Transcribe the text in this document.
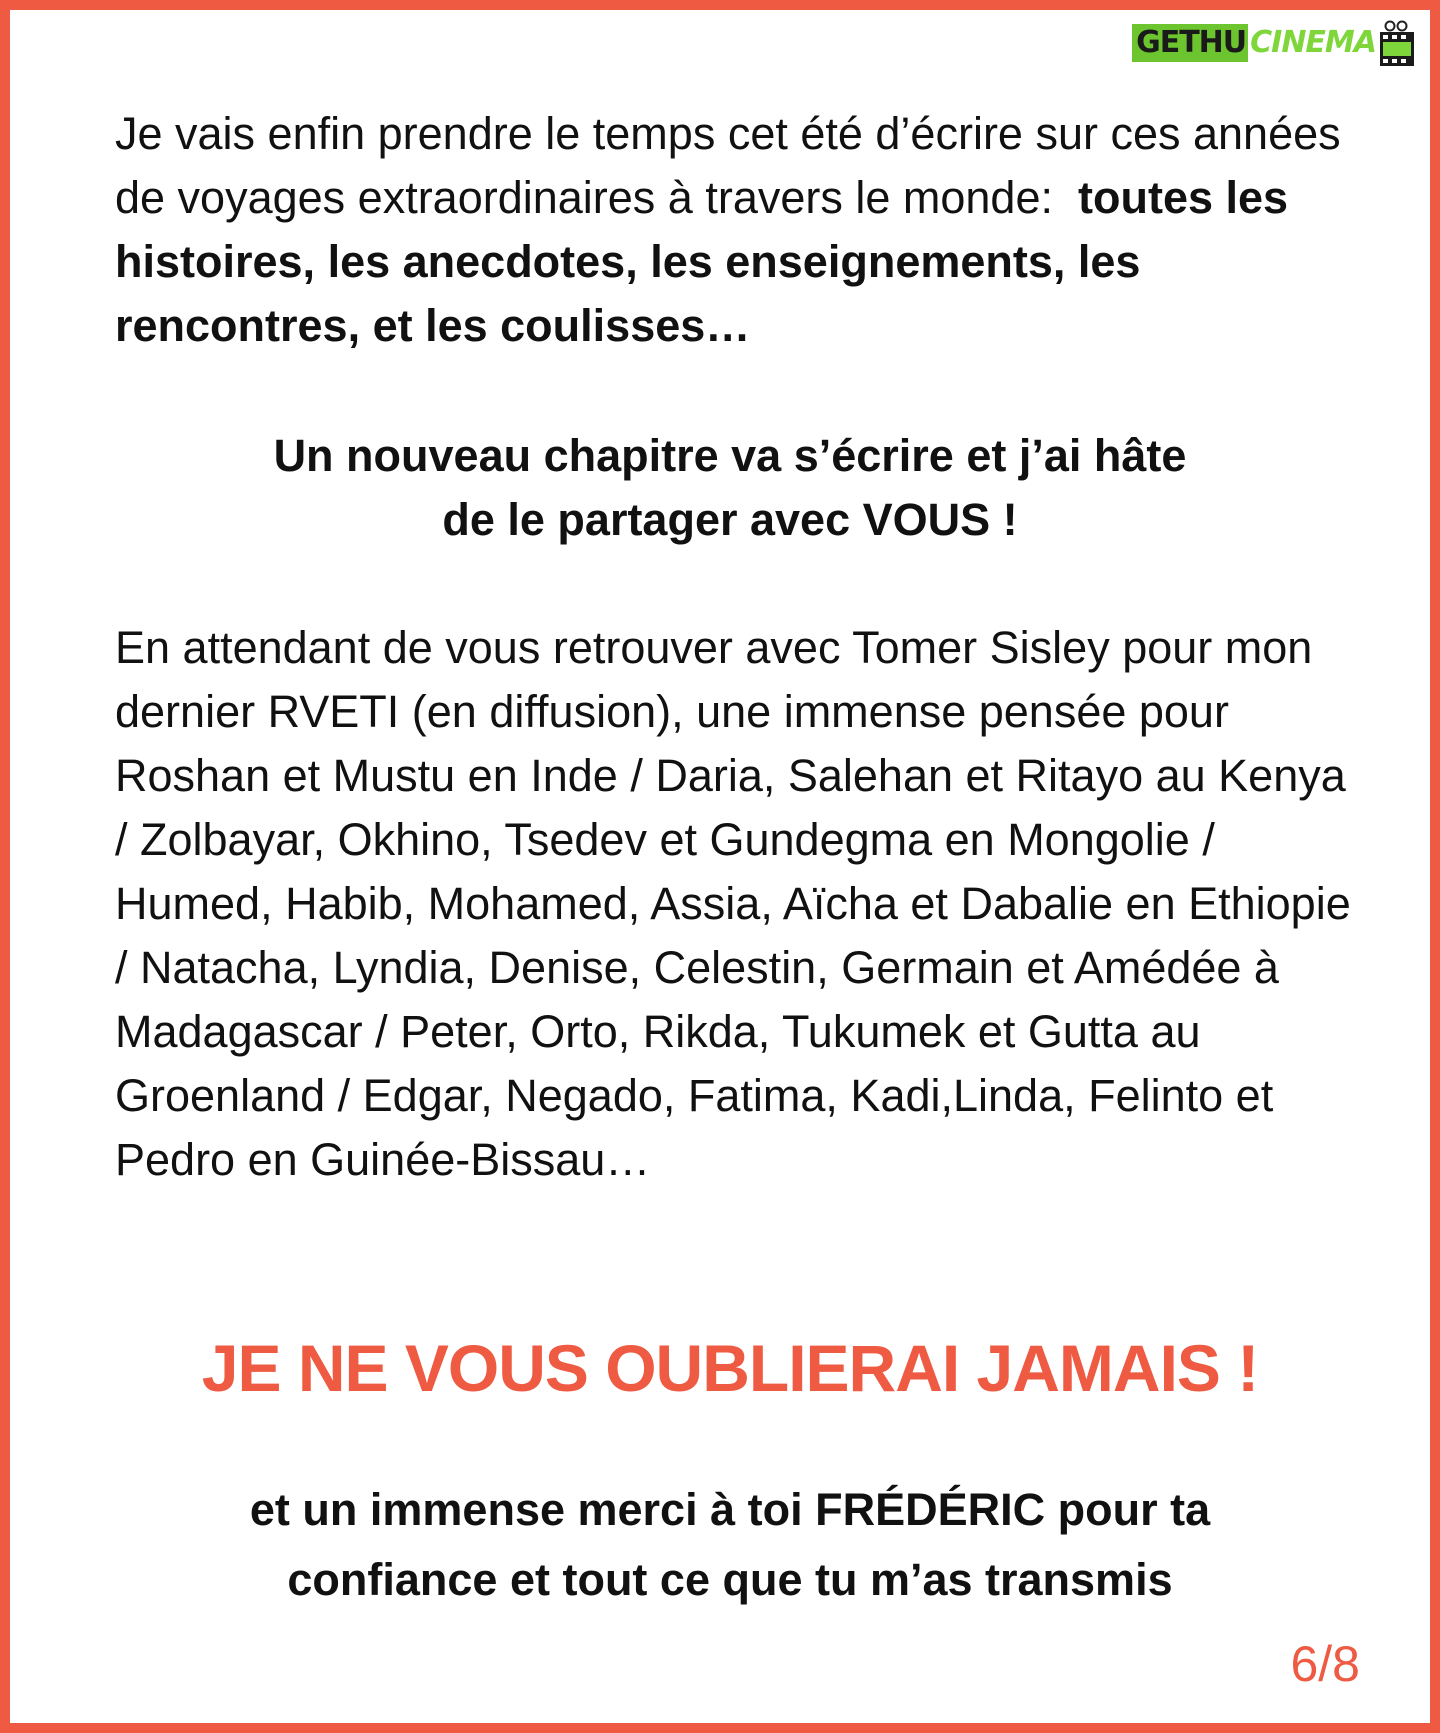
GETHU CINEMA

Je vais enfin prendre le temps cet été d’écrire sur ces années de voyages extraordinaires à travers le monde: toutes les histoires, les anecdotes, les enseignements, les rencontres, et les coulisses…

Un nouveau chapitre va s’écrire et j’ai hâte
de le partager avec VOUS !

En attendant de vous retrouver avec Tomer Sisley pour mon dernier RVETI (en diffusion), une immense pensée pour Roshan et Mustu en Inde / Daria, Salehan et Ritayo au Kenya / Zolbayar, Okhino, Tsedev et Gundegma en Mongolie / Humed, Habib, Mohamed, Assia, Aïcha et Dabalie en Ethiopie / Natacha, Lyndia, Denise, Celestin, Germain et Amédée à Madagascar / Peter, Orto, Rikda, Tukumek et Gutta au Groenland / Edgar, Negado, Fatima, Kadi,Linda, Felinto et Pedro en Guinée-Bissau…

JE NE VOUS OUBLIERAI JAMAIS !
et un immense merci à toi FRÉDÉRIC pour ta
confiance et tout ce que tu m’as transmis
6/8
